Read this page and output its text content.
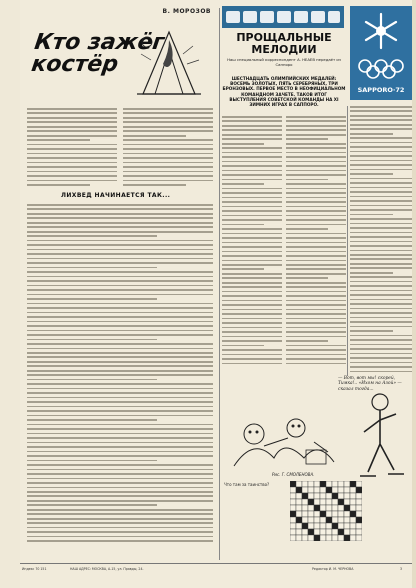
В. МОРОЗОВ
Кто зажёг
костёр
ЛИХВЕД НАЧИНАЕТСЯ ТАК...
SAPPORO·72
ПРОЩАЛЬНЫЕ
МЕЛОДИИ
Наш специальный корреспондент А. НЕАЕВ передаёт из Саппоро
ШЕСТНАДЦАТЬ ОЛИМПИЙСКИХ МЕДАЛЕЙ: ВОСЕМЬ ЗОЛОТЫХ, ПЯТЬ СЕРЕБРЯНЫХ, ТРИ БРОНЗОВЫХ. ПЕРВОЕ МЕСТО В НЕОФИЦИАЛЬНОМ КОМАНДНОМ ЗАЧЕТЕ. ТАКОВ ИТОГ ВЫСТУПЛЕНИЯ СОВЕТСКОЙ КОМАНДЫ НА XI ЗИМНИХ ИГРАХ В САППОРО.
— Вот, вот мы! скорей, Тимка!.. «Ихом на Азой» — сказал тогда...
Что там за таинство?
Рис. Г. СМОЛЕНОВА.
Индекс 70 151	НАШ АДРЕС: МОСКВА, А-15, ул. Правды, 24.	Редактор И. М. ЧЕРНОВА	3
